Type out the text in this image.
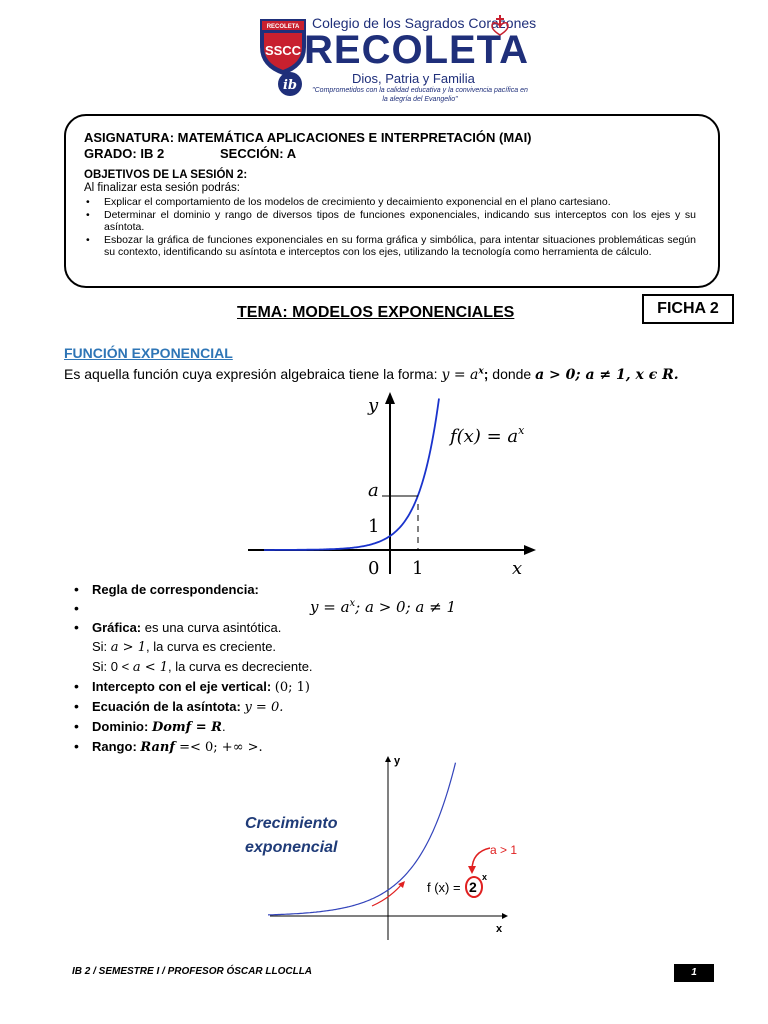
RECOLETA
SSCC
Colegio de los Sagrados Corazones
RECOLETA
ib	Dios, Patria y Familia
"Comprometidos con la calidad educativa y la convivencia pacífica en la alegría del Evangelio"
ASIGNATURA: MATEMÁTICA APLICACIONES E INTERPRETACIÓN (MAI)
GRADO: IB 2	SECCIÓN: A
OBJETIVOS DE LA SESIÓN 2:
Al finalizar esta sesión podrás:
• Explicar el comportamiento de los modelos de crecimiento y decaimiento exponencial en el plano cartesiano.
• Determinar el dominio y rango de diversos tipos de funciones exponenciales, indicando sus interceptos con los ejes y su asíntota.
• Esbozar la gráfica de funciones exponenciales en su forma gráfica y simbólica, para intentar situaciones problemáticas según su contexto, identificando su asíntota e interceptos con los ejes, utilizando la tecnología como herramienta de cálculo.
TEMA: MODELOS EXPONENCIALES	FICHA 2
FUNCIÓN EXPONENCIAL
Es aquella función cuya expresión algebraica tiene la forma: $y = a^x$; donde a > 0; a ≠ 1, x ϵ R.
y
x
$f(x) = a^x$
a
1
0 1
• Regla de correspondencia:
•
• Gráfica: es una curva asintótica.
Si: a > 1, la curva es creciente.
Si: 0 < a < 1, la curva es decreciente.
• Intercepto con el eje vertical: (0; 1)
• Ecuación de la asíntota: y = 0.
• Dominio: Domf = R.
• Rango: Ranf =< 0; +∞ >.
$y = a^x$; a > 0; a ≠ 1
y
x
Crecimiento
exponencial
f (x) = 2
x
a > 1
IB 2 / SEMESTRE I / PROFESOR ÓSCAR LLOCLLA	1
